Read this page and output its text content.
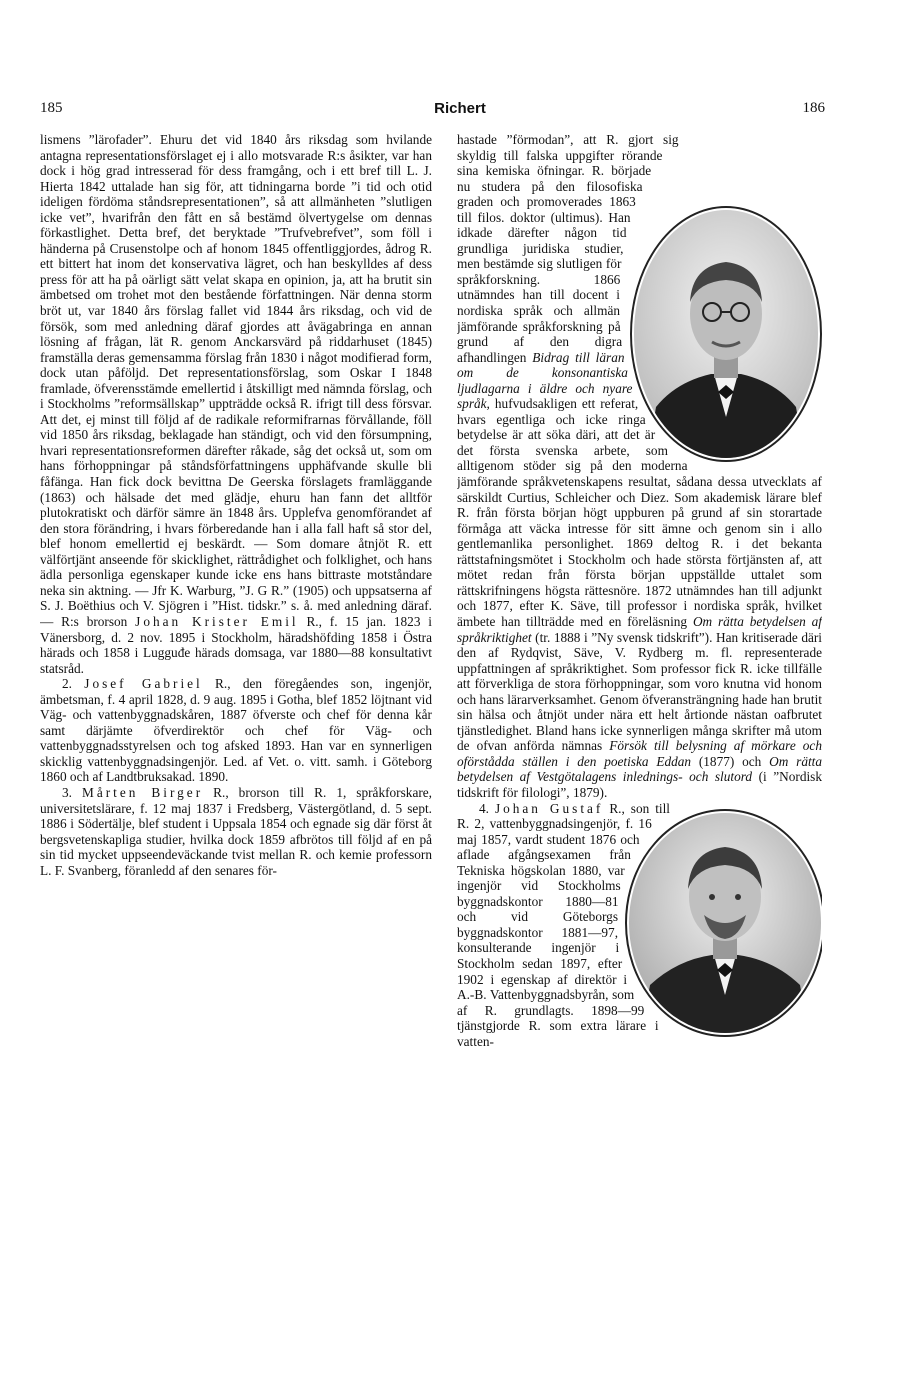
185	Richert	186

lismens ”lärofader”. Ehuru det vid 1840 års riksdag som hvilande antagna representationsförslaget ej i allo motsvarade R:s åsikter, var han dock i hög grad intresserad för dess framgång, och i ett bref till L. J. Hierta 1842 uttalade han sig för, att tidningarna borde ”i tid och otid ideligen fördöma ståndsrepresentationen”, så att allmänheten ”slutligen icke vet”, hvarifrån den fått en så bestämd ölvertygelse om dennas förkastlighet. Detta bref, det beryktade ”Trufvebrefvet”, som föll i händerna på Crusenstolpe och af honom 1845 offentliggjordes, ådrog R. ett bittert hat inom det konservativa lägret, och han beskylldes af dess press för att ha på oärligt sätt velat skapa en opinion, ja, att ha brutit sin ämbetsed om trohet mot den bestående författningen. När denna storm bröt ut, var 1840 års förslag fallet vid 1844 års riksdag, och vid de försök, som med anledning däraf gjordes att åvägabringa en annan lösning af frågan, lät R. genom Anckarsvärd på riddarhuset (1845) framställa deras gemensamma förslag från 1830 i något modifierad form, dock utan påföljd. Det representationsförslag, som Oskar I 1848 framlade, öfverensstämde emellertid i åtskilligt med nämnda förslag, och i Stockholms ”reformsällskap” uppträdde också R. ifrigt till dess försvar. Att det, ej minst till följd af de radikale reformifrarnas förvållande, föll vid 1850 års riksdag, beklagade han ständigt, och vid den försumpning, hvari representationsreformen därefter råkade, såg det också ut, som om hans förhoppningar på ståndsförfattningens upphäfvande skulle bli fåfänga. Han fick dock bevittna De Geerska förslagets framläggande (1863) och hälsade det med glädje, ehuru han fann det alltför plutokratiskt och därför sämre än 1848 års. Upplefva genomförandet af den stora förändring, i hvars förberedande han i alla fall haft så stor del, blef honom emellertid ej beskärdt. — Som domare åtnjöt R. ett välförtjänt anseende för skicklighet, rättrådighet och folklighet, och hans ädla personliga egenskaper kunde icke ens hans bittraste motståndare neka sin aktning. — Jfr K. Warburg, ”J. G R.” (1905) och uppsatserna af S. J. Boëthius och V. Sjögren i ”Hist. tidskr.” s. å. med anledning däraf. — R:s brorson Johan Krister Emil R., f. 15 jan. 1823 i Vänersborg, d. 2 nov. 1895 i Stockholm, häradshöfding 1858 i Östra härads och 1858 i Lugguđe härads domsaga, var 1880—88 konsultativt statsråd.

2. Josef Gabriel R., den föregåendes son, ingenjör, ämbetsman, f. 4 april 1828, d. 9 aug. 1895 i Gotha, blef 1852 löjtnant vid Väg- och vattenbyggnadskåren, 1887 öfverste och chef för denna kår samt därjämte öfverdirektör och chef för Väg- och vattenbyggnadsstyrelsen och tog afsked 1893. Han var en synnerligen skicklig vattenbyggnadsingenjör. Led. af Vet. o. vitt. samh. i Göteborg 1860 och af Landtbruksakad. 1890.

3. Mårten Birger R., brorson till R. 1, språkforskare, universitetslärare, f. 12 maj 1837 i Fredsberg, Västergötland, d. 5 sept. 1886 i Södertälje, blef student i Uppsala 1854 och egnade sig där först åt bergsvetenskapliga studier, hvilka dock 1859 afbrötos till följd af en på sin tid mycket uppseendeväckande tvist mellan R. och kemie professorn L. F. Svanberg, föranledd af den senares för-

hastade ”förmodan”, att R. gjort sig skyldig till falska uppgifter rörande sina kemiska öfningar. R. började nu studera på den filosofiska graden och promoverades 1863 till filos. doktor (ultimus). Han idkade därefter någon tid grundliga juridiska studier, men bestämde sig slutligen för språkforskning. 1866 utnämndes han till docent i nordiska språk och allmän jämförande språkforskning på grund af den digra afhandlingen Bidrag till läran om de konsonantiska ljudlagarna i äldre och nyare språk, hufvudsakligen ett referat, hvars egentliga och icke ringa betydelse är att söka däri, att det är det första svenska arbete, som alltigenom stöder sig på den moderna jämförande språkvetenskapens resultat, sådana dessa utvecklats af särskildt Curtius, Schleicher och Diez. Som akademisk lärare blef R. från första början högt uppburen på grund af sin storartade förmåga att väcka intresse för sitt ämne och genom sin i allo gentlemanlika personlighet. 1869 deltog R. i det bekanta rättstafningsmötet i Stockholm och hade största förtjänsten af, att mötet redan från första början uppställde uttalet som rättskrifningens högsta rättesnöre. 1872 utnämndes han till adjunkt och 1877, efter K. Säve, till professor i nordiska språk, hvilket ämbete han tillträdde med en föreläsning Om rätta betydelsen af språkriktighet (tr. 1888 i ”Ny svensk tidskrift”). Han kritiserade däri den af Rydqvist, Säve, V. Rydberg m. fl. representerade uppfattningen af språkriktighet. Som professor fick R. icke tillfälle att förverkliga de stora förhoppningar, som voro knutna vid honom och hans lärarverksamhet. Genom öfveransträngning hade han brutit sin hälsa och åtnjöt under nära ett helt årtionde nästan oafbrutet tjänstledighet. Bland hans icke synnerligen många skrifter må utom de ofvan anförda nämnas Försök till belysning af mörkare och oförstådda ställen i den poetiska Eddan (1877) och Om rätta betydelsen af Vestgötalagens inlednings- och slutord (i ”Nordisk tidskrift för filologi”, 1879).

4. Johan Gustaf R., son till R. 2, vattenbyggnadsingenjör, f. 16 maj 1857, vardt student 1876 och aflade afgångsexamen från Tekniska högskolan 1880, var ingenjör vid Stockholms byggnadskontor 1880—81 och vid Göteborgs byggnadskontor 1881—97, konsulterande ingenjör i Stockholm sedan 1897, efter 1902 i egenskap af direktör i A.-B. Vattenbyggnadsbyrån, som af R. grundlagts. 1898—99 tjänstgjorde R. som extra lärare i vatten-
